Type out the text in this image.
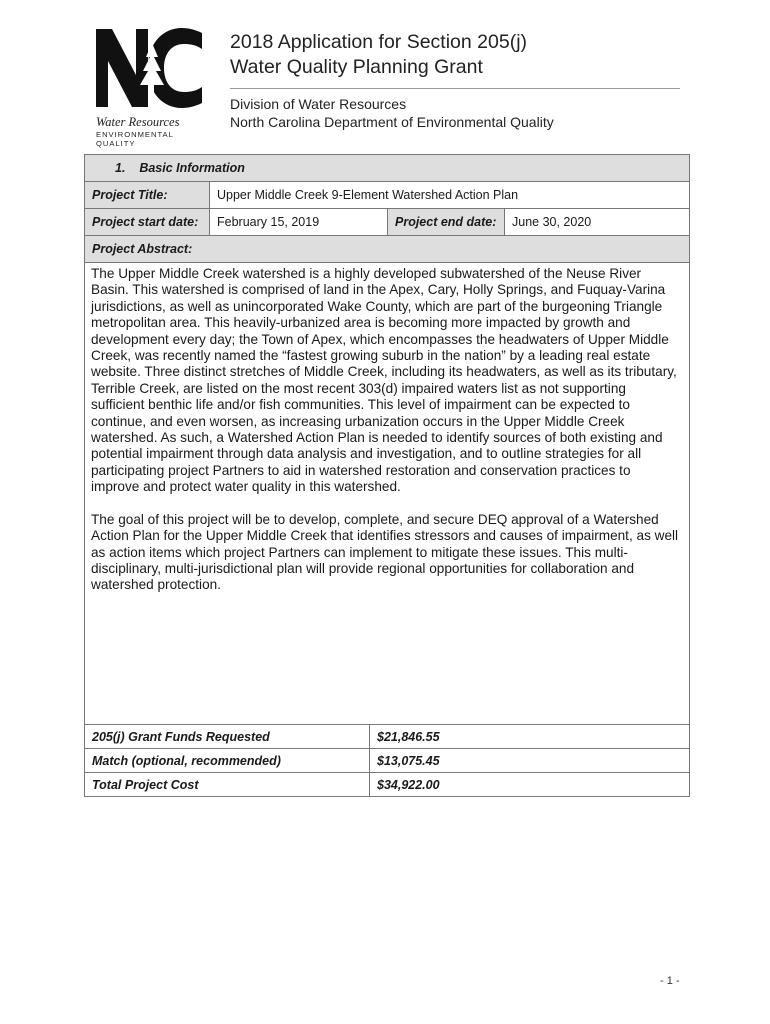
Water Resources
ENVIRONMENTAL QUALITY
2018 Application for Section 205(j)
Water Quality Planning Grant
Division of Water Resources
North Carolina Department of Environmental Quality
1.    Basic Information
Project Title:	Upper Middle Creek 9-Element Watershed Action Plan
Project start date:	February 15, 2019	Project end date:	June 30, 2020
Project Abstract:

The Upper Middle Creek watershed is a highly developed subwatershed of the Neuse River Basin. This watershed is comprised of land in the Apex, Cary, Holly Springs, and Fuquay-Varina jurisdictions, as well as unincorporated Wake County, which are part of the burgeoning Triangle metropolitan area. This heavily-urbanized area is becoming more impacted by growth and development every day; the Town of Apex, which encompasses the headwaters of Upper Middle Creek, was recently named the “fastest growing suburb in the nation” by a leading real estate website. Three distinct stretches of Middle Creek, including its headwaters, as well as its tributary, Terrible Creek, are listed on the most recent 303(d) impaired waters list as not supporting sufficient benthic life and/or fish communities. This level of impairment can be expected to continue, and even worsen, as increasing urbanization occurs in the Upper Middle Creek watershed. As such, a Watershed Action Plan is needed to identify sources of both existing and potential impairment through data analysis and investigation, and to outline strategies for all participating project Partners to aid in watershed restoration and conservation practices to improve and protect water quality in this watershed.

The goal of this project will be to develop, complete, and secure DEQ approval of a Watershed Action Plan for the Upper Middle Creek that identifies stressors and causes of impairment, as well as action items which project Partners can implement to mitigate these issues. This multi-disciplinary, multi-jurisdictional plan will provide regional opportunities for collaboration and watershed protection.

205(j) Grant Funds Requested	$21,846.55
Match (optional, recommended)	$13,075.45
Total Project Cost	$34,922.00
- 1 -
